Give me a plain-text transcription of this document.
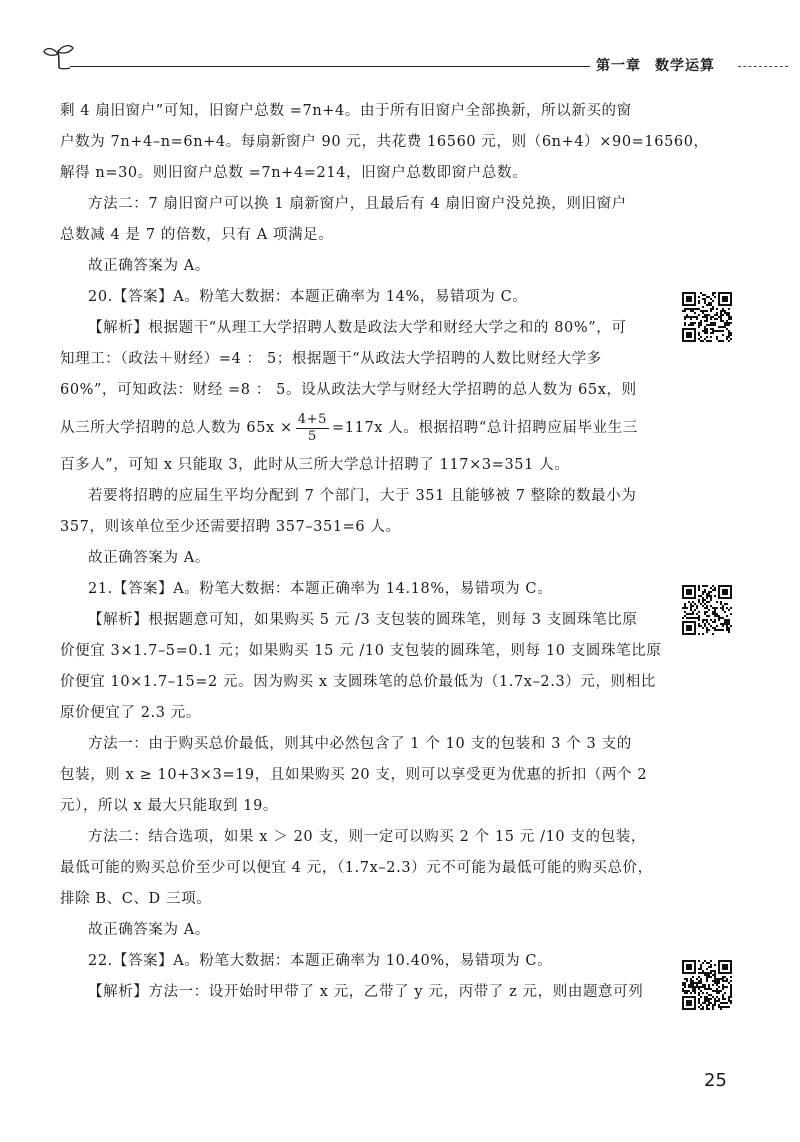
第一章 数学运算
剩 4 扇旧窗户”可知，旧窗户总数 =7n+4。由于所有旧窗户全部换新，所以新买的窗
户数为 7n+4–n=6n+4。每扇新窗户 90 元，共花费 16560 元，则（6n+4）×90=16560，
解得 n=30。则旧窗户总数 =7n+4=214，旧窗户总数即窗户总数。
方法二：7 扇旧窗户可以换 1 扇新窗户，且最后有 4 扇旧窗户没兑换，则旧窗户
总数减 4 是 7 的倍数，只有 A 项满足。
故正确答案为 A。
20.【答案】A。粉笔大数据：本题正确率为 14%，易错项为 C。
【解析】根据题干“从理工大学招聘人数是政法大学和财经大学之和的 80%”，可
知理工：（政法＋财经）=4 ： 5；根据题干“从政法大学招聘的人数比财经大学多
60%”，可知政法：财经 =8 ： 5。设从政法大学与财经大学招聘的总人数为 65x，则
从三所大学招聘的总人数为 $65x \times \frac{4+5}{5} =117x$ 人。根据招聘“总计招聘应届毕业生三
百多人”，可知 x 只能取 3，此时从三所大学总计招聘了 117×3=351 人。
若要将招聘的应届生平均分配到 7 个部门，大于 351 且能够被 7 整除的数最小为
357，则该单位至少还需要招聘 357–351=6 人。
故正确答案为 A。
21.【答案】A。粉笔大数据：本题正确率为 14.18%，易错项为 C。
【解析】根据题意可知，如果购买 5 元 /3 支包装的圆珠笔，则每 3 支圆珠笔比原
价便宜 3×1.7–5=0.1 元；如果购买 15 元 /10 支包装的圆珠笔，则每 10 支圆珠笔比原
价便宜 10×1.7–15=2 元。因为购买 x 支圆珠笔的总价最低为（1.7x–2.3）元，则相比
原价便宜了 2.3 元。
方法一：由于购买总价最低，则其中必然包含了 1 个 10 支的包装和 3 个 3 支的
包装，则 x ≥ 10+3×3=19，且如果购买 20 支，则可以享受更为优惠的折扣（两个 2
元），所以 x 最大只能取到 19。
方法二：结合选项，如果 x ＞ 20 支，则一定可以购买 2 个 15 元 /10 支的包装，
最低可能的购买总价至少可以便宜 4 元，（1.7x–2.3）元不可能为最低可能的购买总价，
排除 B、C、D 三项。
故正确答案为 A。
22.【答案】A。粉笔大数据：本题正确率为 10.40%，易错项为 C。
【解析】方法一：设开始时甲带了 x 元，乙带了 y 元，丙带了 z 元，则由题意可列
25
